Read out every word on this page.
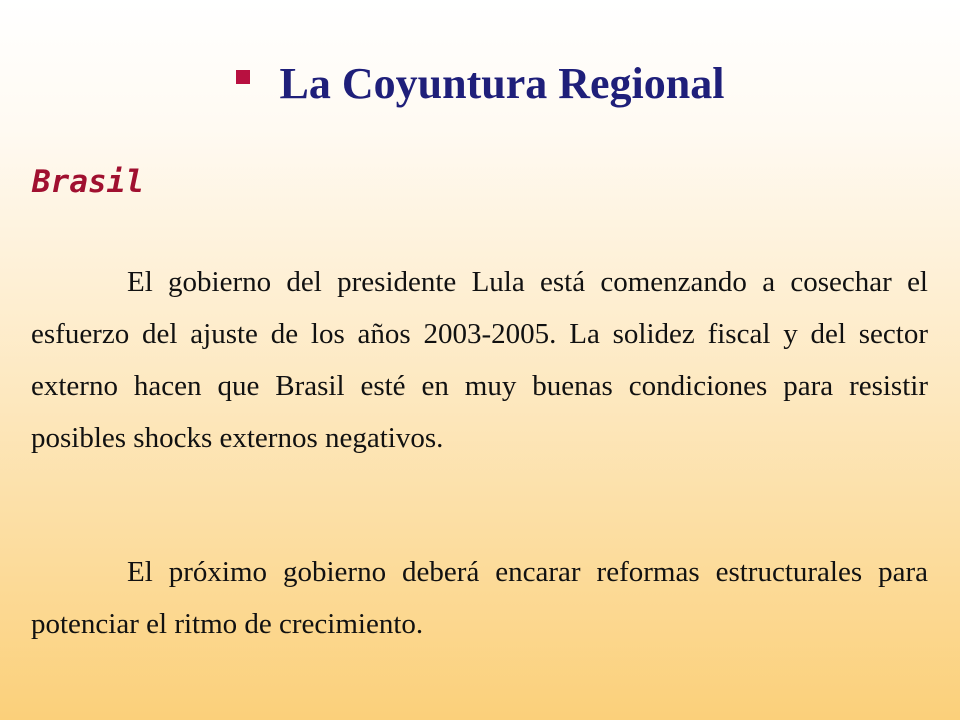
La Coyuntura Regional
Brasil

El gobierno del presidente Lula está comenzando a cosechar el esfuerzo del ajuste de los años 2003-2005. La solidez fiscal y del sector externo hacen que Brasil esté en muy buenas condiciones para resistir posibles shocks externos negativos.

El próximo gobierno deberá encarar reformas estructurales para potenciar el ritmo de crecimiento.
